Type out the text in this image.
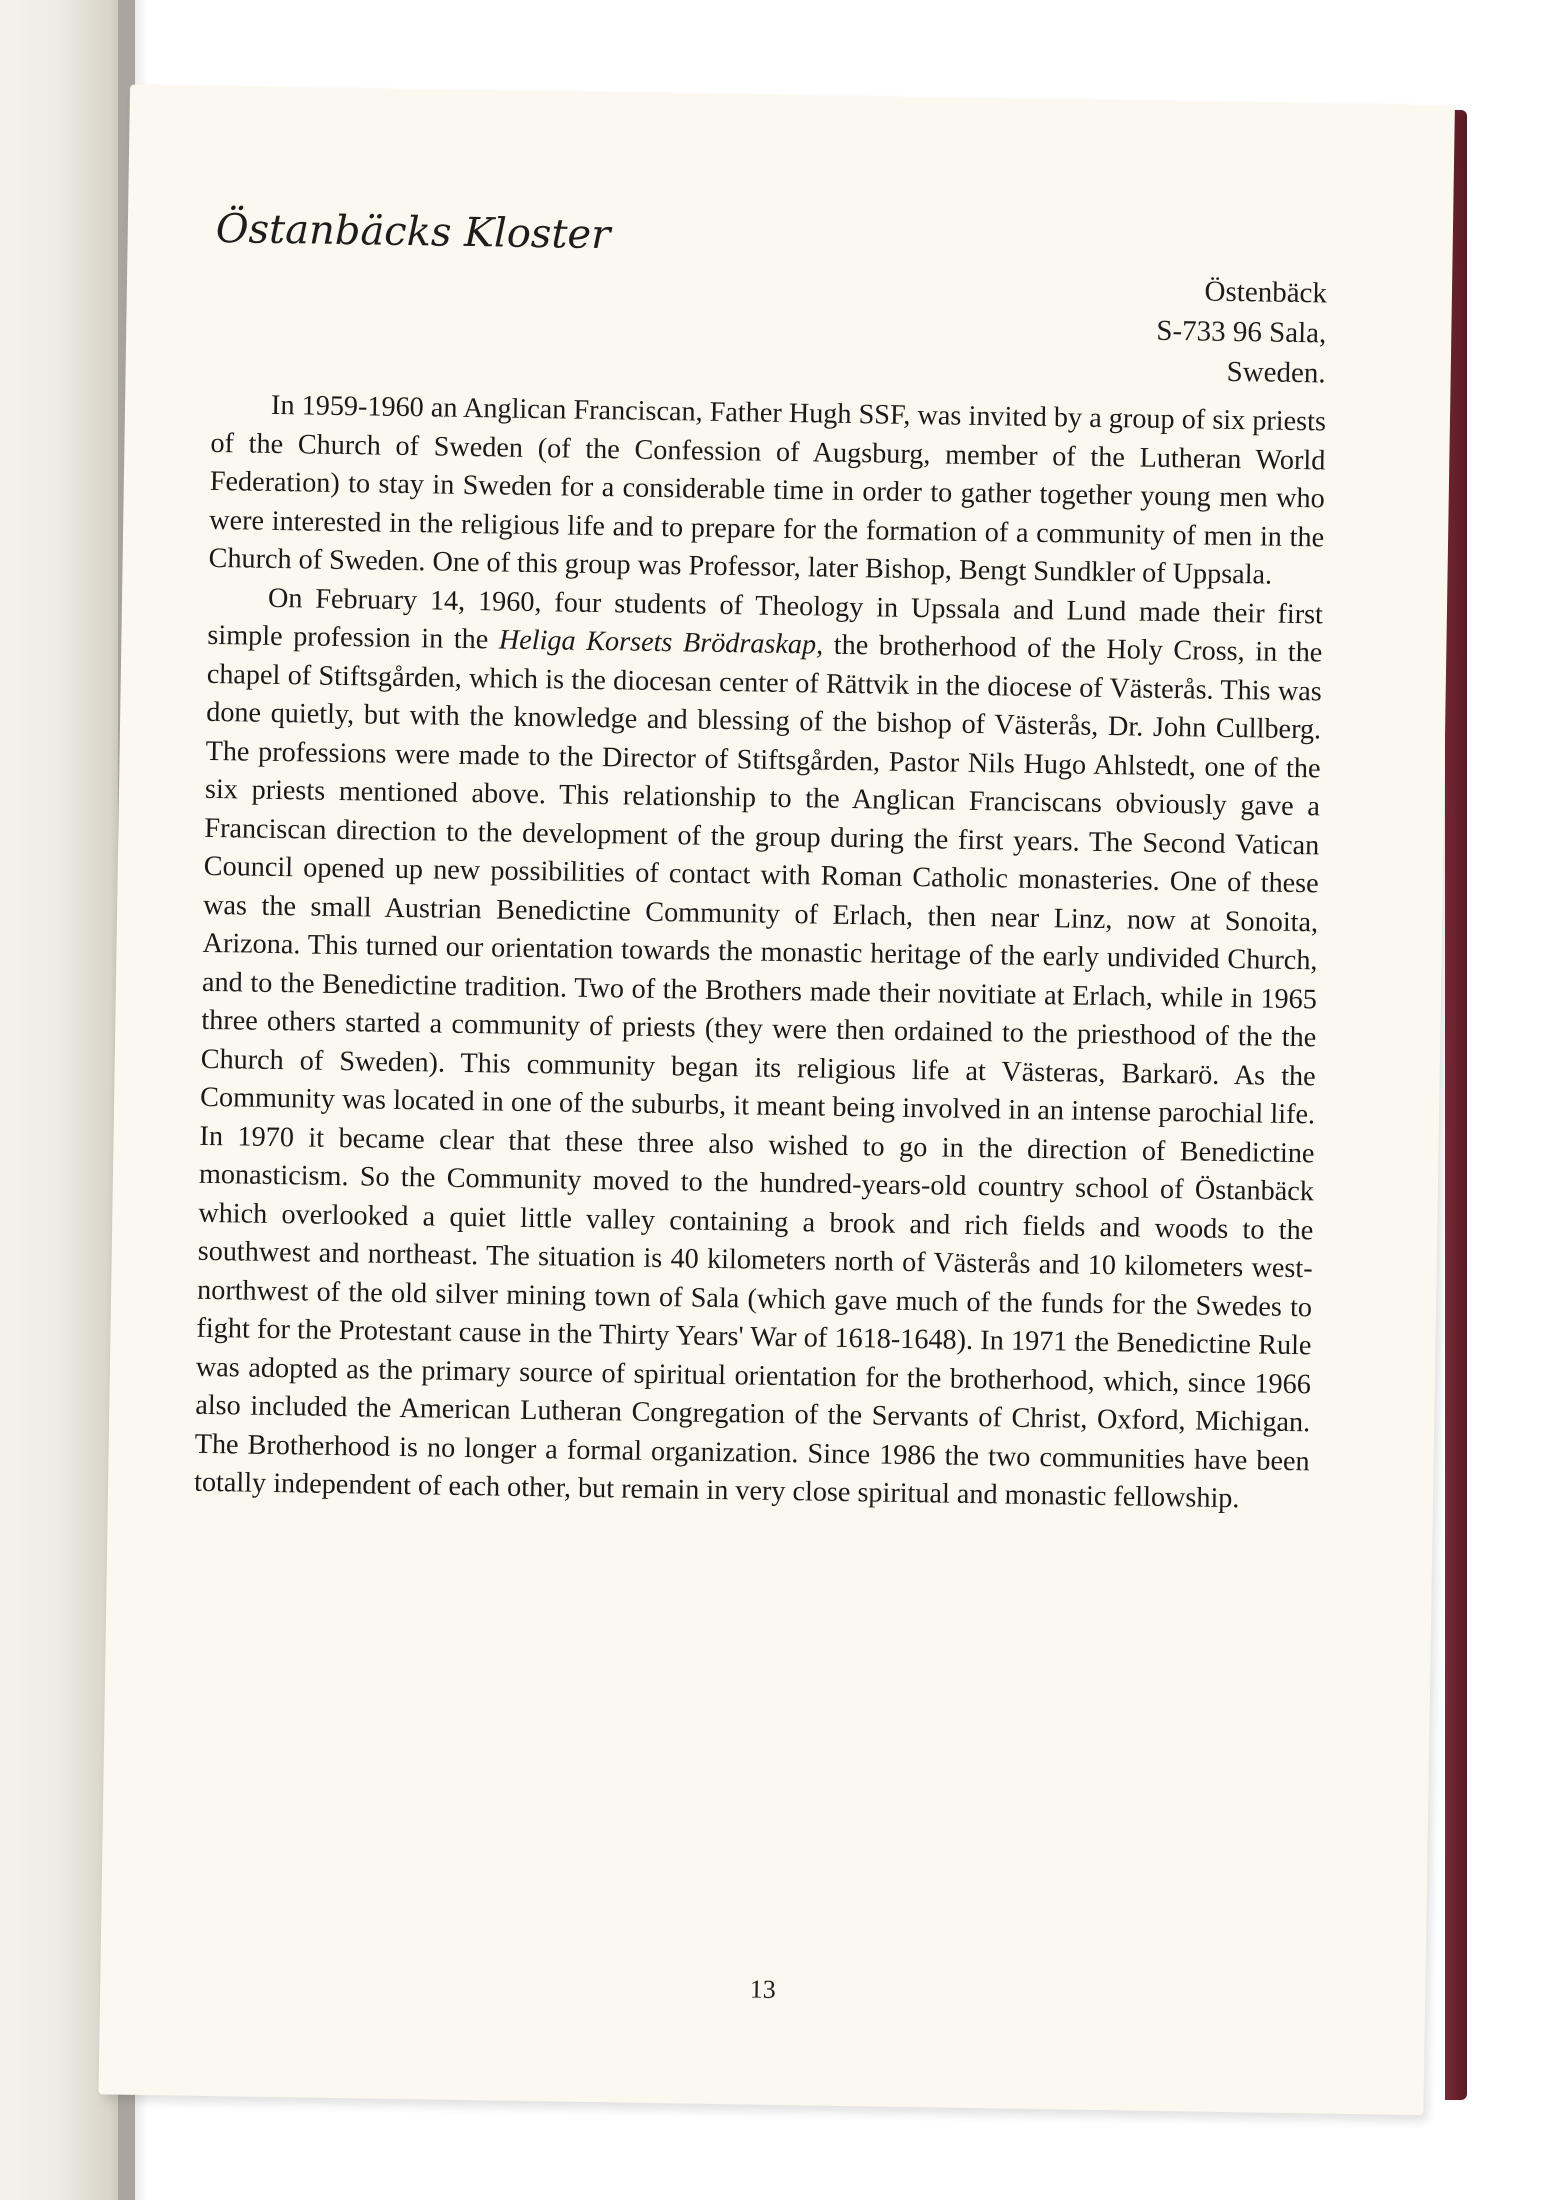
Östanbäcks Kloster
Östenbäck
S-733 96 Sala,
Sweden.

In 1959-1960 an Anglican Franciscan, Father Hugh SSF, was invited by a group of six priests of the Church of Sweden (of the Confession of Augsburg, member of the Lutheran World Federation) to stay in Sweden for a considerable time in order to gather together young men who were interested in the religious life and to prepare for the formation of a community of men in the Church of Sweden. One of this group was Professor, later Bishop, Bengt Sundkler of Uppsala.

On February 14, 1960, four students of Theology in Upssala and Lund made their first simple profession in the Heliga Korsets Brödraskap, the brotherhood of the Holy Cross, in the chapel of Stiftsgården, which is the diocesan center of Rättvik in the diocese of Västerås. This was done quietly, but with the knowledge and blessing of the bishop of Västerås, Dr. John Cullberg. The professions were made to the Director of Stiftsgården, Pastor Nils Hugo Ahlstedt, one of the six priests mentioned above. This relationship to the Anglican Franciscans obviously gave a Franciscan direction to the development of the group during the first years. The Second Vatican Council opened up new possibilities of contact with Roman Catholic monasteries. One of these was the small Austrian Benedictine Community of Erlach, then near Linz, now at Sonoita, Arizona. This turned our orientation towards the monastic heritage of the early undivided Church, and to the Benedictine tradition. Two of the Brothers made their novitiate at Erlach, while in 1965 three others started a community of priests (they were then ordained to the priesthood of the the Church of Sweden). This community began its religious life at Västeras, Barkarö. As the Community was located in one of the suburbs, it meant being involved in an intense parochial life. In 1970 it became clear that these three also wished to go in the direction of Benedictine monasticism. So the Community moved to the hundred-years-old country school of Östanbäck which overlooked a quiet little valley containing a brook and rich fields and woods to the southwest and northeast. The situation is 40 kilometers north of Västerås and 10 kilometers west-northwest of the old silver mining town of Sala (which gave much of the funds for the Swedes to fight for the Protestant cause in the Thirty Years' War of 1618-1648). In 1971 the Benedictine Rule was adopted as the primary source of spiritual orientation for the brotherhood, which, since 1966 also included the American Lutheran Congregation of the Servants of Christ, Oxford, Michigan. The Brotherhood is no longer a formal organization. Since 1986 the two communities have been totally independent of each other, but remain in very close spiritual and monastic fellowship.

13
